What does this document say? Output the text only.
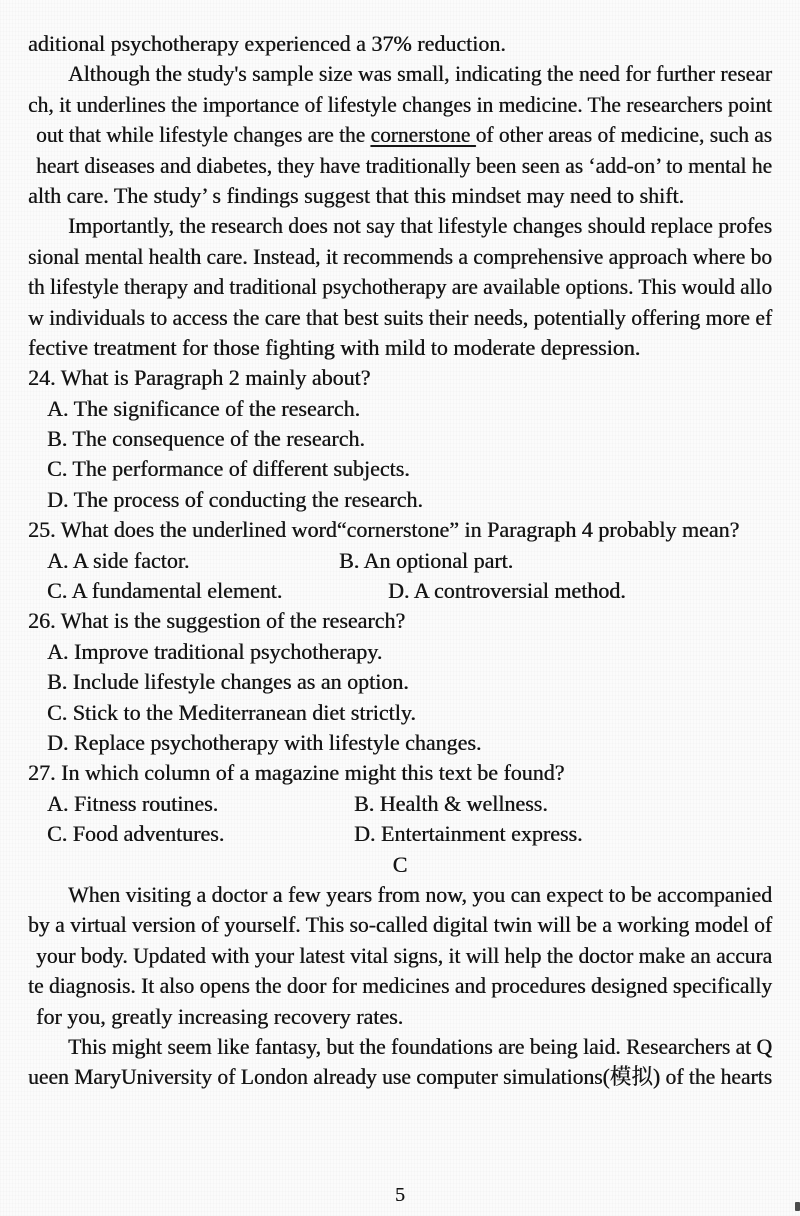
aditional psychotherapy experienced a 37% reduction.
Although the study's sample size was small, indicating the need for further resear
ch, it underlines the importance of lifestyle changes in medicine. The researchers point
out that while lifestyle changes are the cornerstone of other areas of medicine, such as
heart diseases and diabetes, they have traditionally been seen as ‘add-on’ to mental he
alth care. The study’ s findings suggest that this mindset may need to shift.
Importantly, the research does not say that lifestyle changes should replace profes
sional mental health care. Instead, it recommends a comprehensive approach where bo
th lifestyle therapy and traditional psychotherapy are available options. This would allo
w individuals to access the care that best suits their needs, potentially offering more ef
fective treatment for those fighting with mild to moderate depression.
24. What is Paragraph 2 mainly about?
A. The significance of the research.
B. The consequence of the research.
C. The performance of different subjects.
D. The process of conducting the research.
25. What does the underlined word“cornerstone” in Paragraph 4 probably mean?
A. A side factor.	B. An optional part.
C. A fundamental element.	D. A controversial method.
26. What is the suggestion of the research?
A. Improve traditional psychotherapy.
B. Include lifestyle changes as an option.
C. Stick to the Mediterranean diet strictly.
D. Replace psychotherapy with lifestyle changes.
27. In which column of a magazine might this text be found?
A. Fitness routines.	B. Health & wellness.
C. Food adventures.	D. Entertainment express.
C
When visiting a doctor a few years from now, you can expect to be accompanied
by a virtual version of yourself. This so-called digital twin will be a working model of
your body. Updated with your latest vital signs, it will help the doctor make an accura
te diagnosis. It also opens the door for medicines and procedures designed specifically
for you, greatly increasing recovery rates.
This might seem like fantasy, but the foundations are being laid. Researchers at Q
ueen MaryUniversity of London already use computer simulations(模拟) of the hearts
5
